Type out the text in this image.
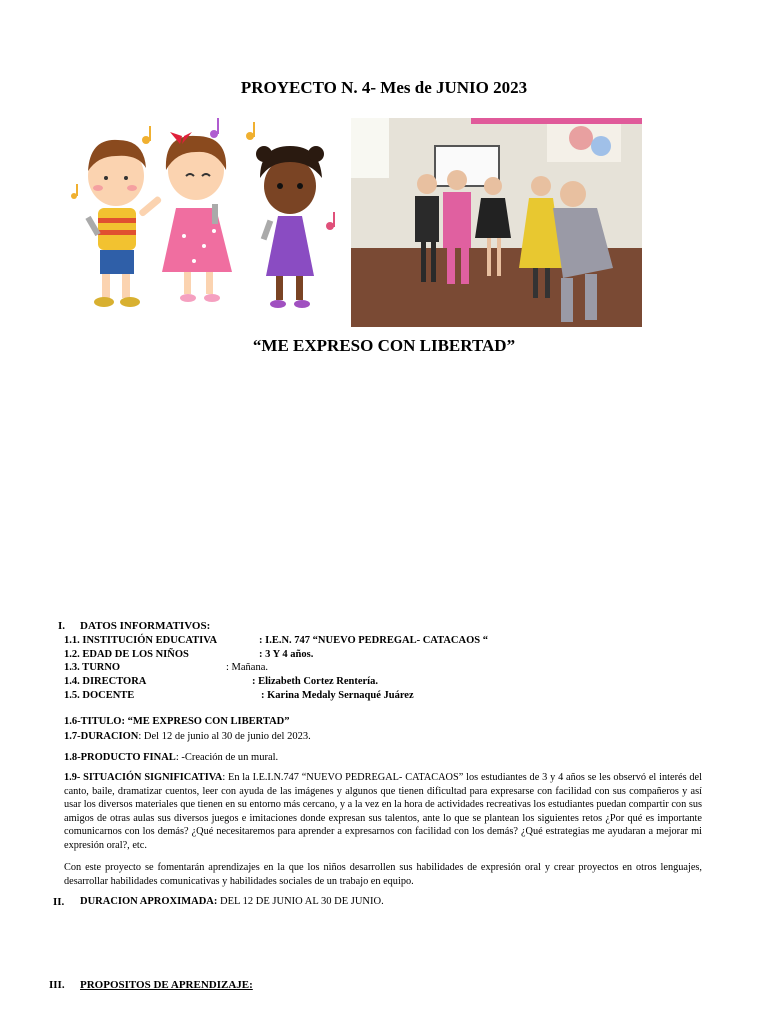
PROYECTO N. 4- Mes de JUNIO 2023
“ME EXPRESO CON LIBERTAD”
I. DATOS INFORMATIVOS:
1.1. INSTITUCIÓN EDUCATIVA	: I.E.N. 747 “NUEVO PEDREGAL- CATACAOS “
1.2. EDAD DE LOS NIÑOS	: 3 Y 4 años.
1.3. TURNO	: Mañana.
1.4. DIRECTORA	: Elizabeth Cortez Rentería.
1.5. DOCENTE	: Karina Medaly Sernaqué Juárez
1.6-TITULO: “ME EXPRESO CON LIBERTAD”
1.7-DURACION: Del 12 de junio al 30 de junio del 2023.
1.8-PRODUCTO FINAL: -Creación de un mural.
1.9- SITUACIÓN SIGNIFICATIVA: En la I.E.I.N.747 “NUEVO PEDREGAL- CATACAOS” los estudiantes de 3 y 4 años se les observó el interés del canto, baile, dramatizar cuentos, leer con ayuda de las imágenes y algunos que tienen dificultad para expresarse con facilidad con sus compañeros y así usar los diversos materiales que tienen en su entorno más cercano, y a la vez en la hora de actividades recreativas los estudiantes puedan compartir con sus amigos de otras aulas sus diversos juegos e imitaciones donde expresan sus talentos, ante lo que se plantean los siguientes retos ¿Por qué es importante comunicarnos con los demás? ¿Qué necesitaremos para aprender a expresarnos con facilidad con los demás? ¿Qué estrategias me ayudaran a mejorar mi expresión oral?, etc.
Con este proyecto se fomentarán aprendizajes en la que los niños desarrollen sus habilidades de expresión oral y crear proyectos en otros lenguajes, desarrollar habilidades comunicativas y habilidades sociales de un trabajo en equipo.
II. DURACION APROXIMADA: DEL 12 DE JUNIO AL 30 DE JUNIO.
III. PROPOSITOS DE APRENDIZAJE:
